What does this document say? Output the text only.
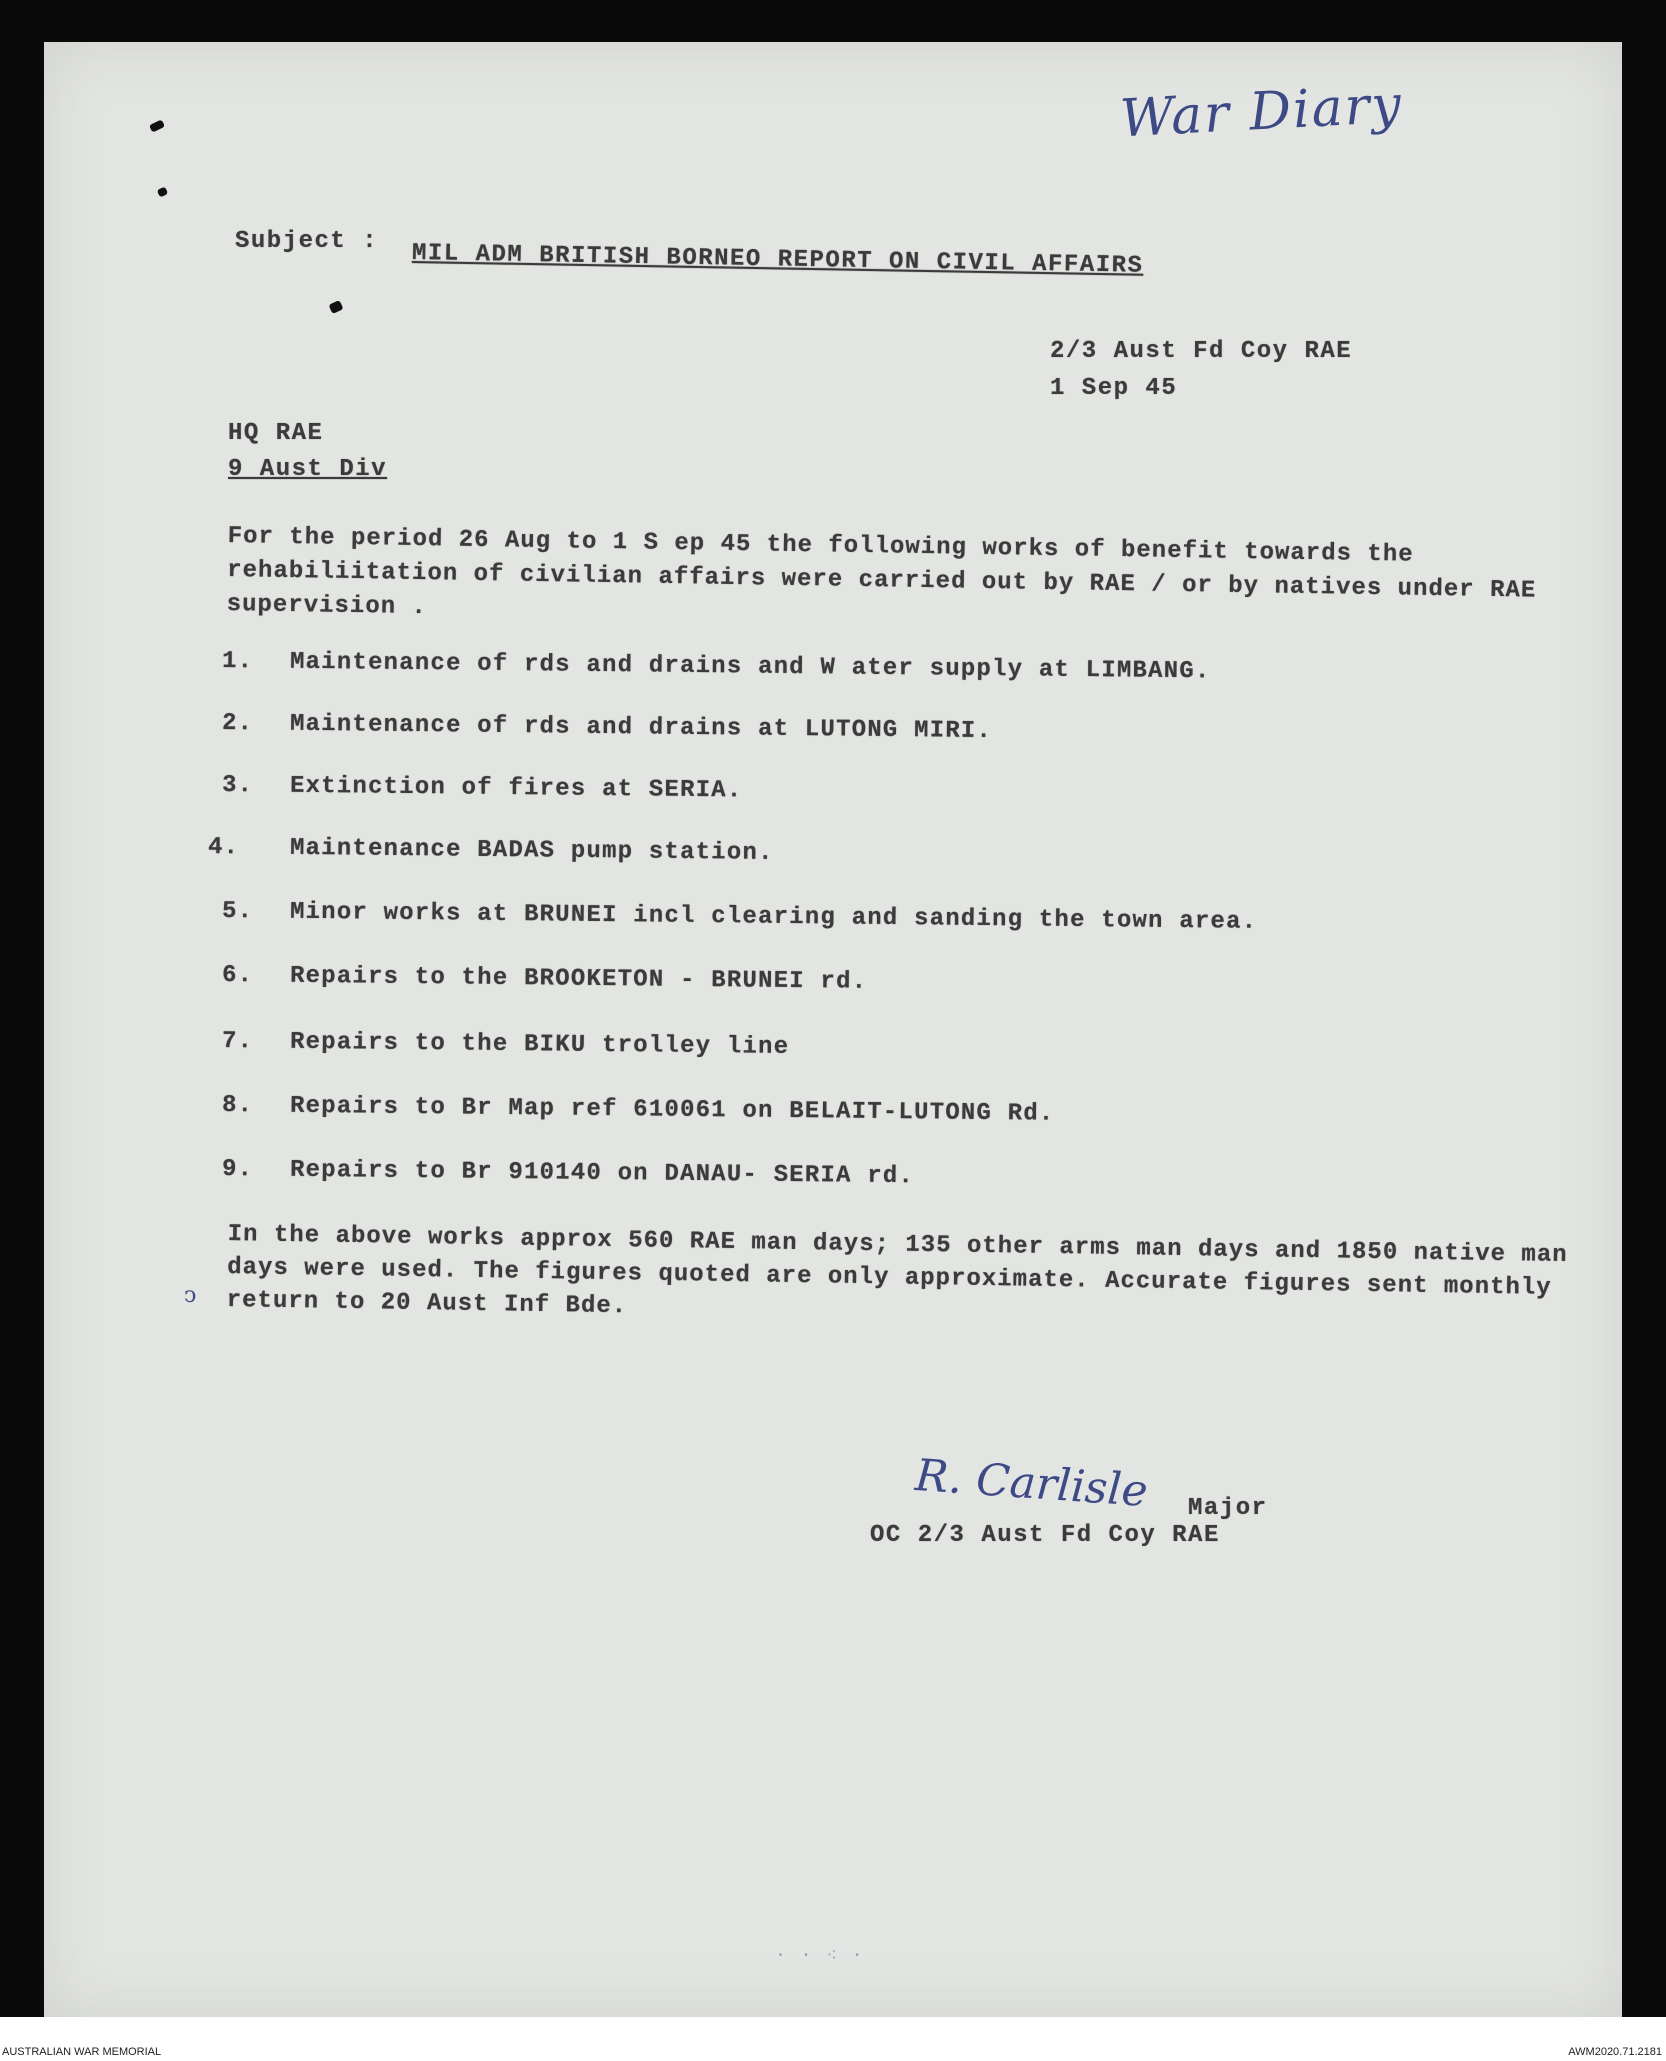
War Diary
Subject : MIL ADM BRITISH BORNEO REPORT ON CIVIL AFFAIRS
2/3 Aust Fd Coy RAE
1 Sep 45
HQ RAE
9 Aust Div
For the period 26 Aug to 1 S ep 45 the following works of benefit towards the rehabiliitation of civilian affairs were carried out by RAE / or by natives under RAE supervision .
1. Maintenance of rds and drains and W ater supply at LIMBANG.
2. Maintenance of rds and drains at LUTONG MIRI.
3. Extinction of fires at SERIA.
4. Maintenance BADAS pump station.
5. Minor works at BRUNEI incl clearing and sanding the town area.
6. Repairs to the BROOKETON - BRUNEI rd.
7. Repairs to the BIKU trolley line
8. Repairs to Br Map ref 610061 on BELAIT-LUTONG Rd.
9. Repairs to Br 910140 on DANAU- SERIA rd.
In the above works approx 560 RAE man days; 135 other arms man days and 1850 native man days were used. The figures quoted are only approximate. Accurate figures sent monthly return to 20 Aust Inf Bde.
ↄ
R. Carlisle Major
OC 2/3 Aust Fd Coy RAE
· · ⁖ ·
AUSTRALIAN WAR MEMORIAL	AWM2020.71.2181
